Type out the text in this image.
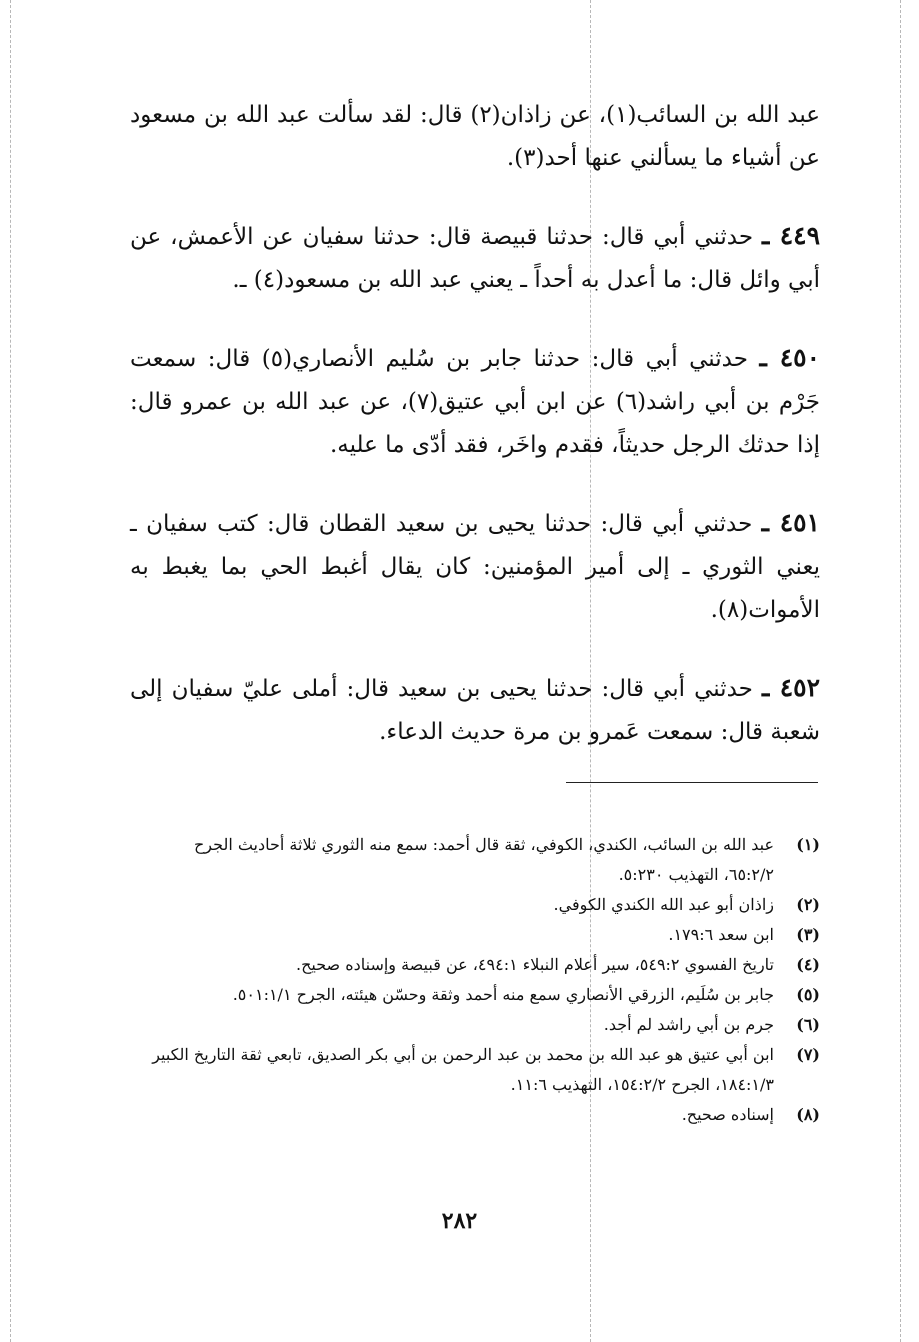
عبد الله بن السائب(١)، عن زاذان(٢) قال: لقد سألت عبد الله بن مسعود عن أشياء ما يسألني عنها أحد(٣).

٤٤٩ ـ حدثني أبي قال: حدثنا قبيصة قال: حدثنا سفيان عن الأعمش، عن أبي وائل قال: ما أعدل به أحداً ـ يعني عبد الله بن مسعود(٤) ـ.

٤٥٠ ـ حدثني أبي قال: حدثنا جابر بن سُليم الأنصاري(٥) قال: سمعت جَرْم بن أبي راشد(٦) عن ابن أبي عتيق(٧)، عن عبد الله بن عمرو قال: إذا حدثك الرجل حديثاً، فقدم واخَر، فقد أدّى ما عليه.

٤٥١ ـ حدثني أبي قال: حدثنا يحيى بن سعيد القطان قال: كتب سفيان ـ يعني الثوري ـ إلى أمير المؤمنين: كان يقال أغبط الحي بما يغبط به الأموات(٨).

٤٥٢ ـ حدثني أبي قال: حدثنا يحيى بن سعيد قال: أملى عليّ سفيان إلى شعبة قال: سمعت عَمرو بن مرة حديث الدعاء.

(١)
عبد الله بن السائب، الكندي، الكوفي، ثقة قال أحمد: سمع منه الثوري ثلاثة أحاديث الجرح ٦٥:٢/٢، التهذيب ٥:٢٣٠.
(٢)
زاذان أبو عبد الله الكندي الكوفي.
(٣)
ابن سعد ١٧٩:٦.
(٤)
تاريخ الفسوي ٥٤٩:٢، سير أعلام النبلاء ٤٩٤:١، عن قبيصة وإسناده صحيح.
(٥)
جابر بن سُلَيم، الزرقي الأنصاري سمع منه أحمد وثقة وحسّن هيئته، الجرح ٥٠١:١/١.
(٦)
جرم بن أبي راشد لم أجد.
(٧)
ابن أبي عتيق هو عبد الله بن محمد بن عبد الرحمن بن أبي بكر الصديق، تابعي ثقة التاريخ الكبير ١٨٤:١/٣، الجرح ١٥٤:٢/٢، التهذيب ١١:٦.
(٨)
إسناده صحيح.
٢٨٢
